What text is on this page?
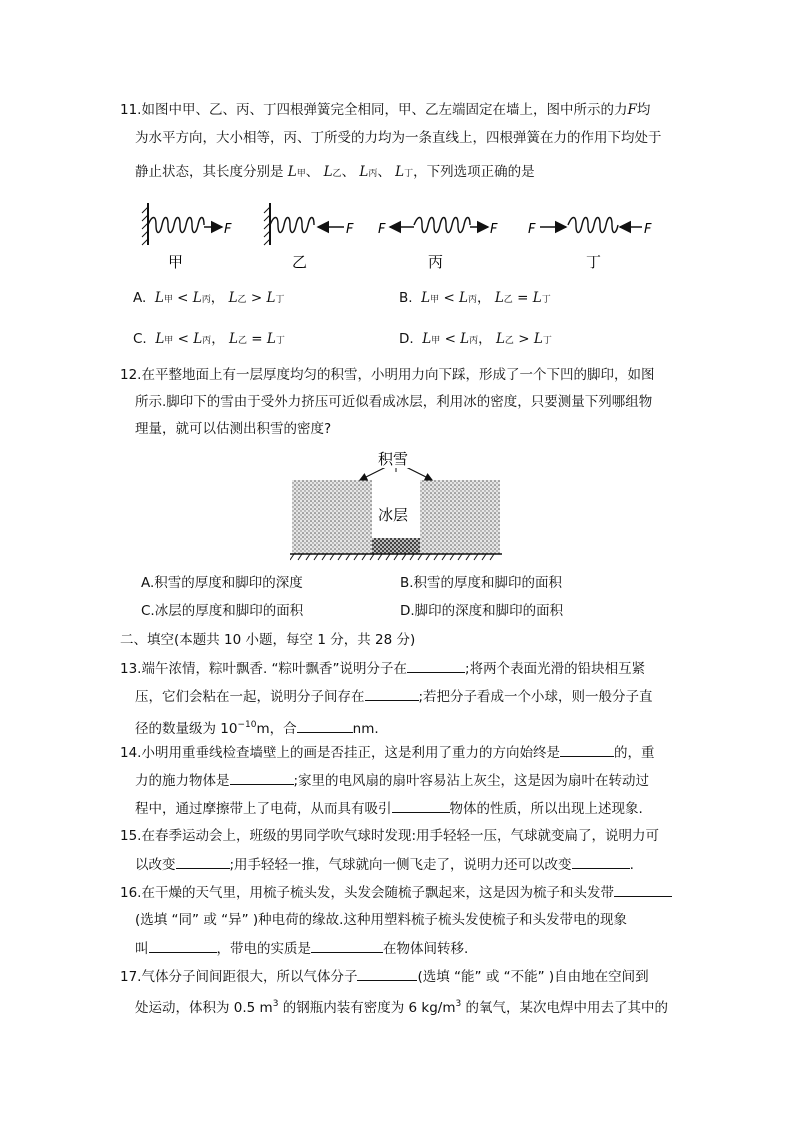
11.如图中甲、乙、丙、丁四根弹簧完全相同，甲、乙左端固定在墙上，图中所示的力F均
为水平方向，大小相等，丙、丁所受的力均为一条直线上，四根弹簧在力的作用下均处于
静止状态，其长度分别是 L甲、 L乙、 L丙、 L丁，下列选项正确的是
F
甲
F
乙
F	F
丙
F	F
丁
A. L甲 < L丙， L乙 > L丁	B. L甲 < L丙， L乙 = L丁
C. L甲 < L丙， L乙 = L丁	D. L甲 < L丙， L乙 > L丁
12.在平整地面上有一层厚度均匀的积雪，小明用力向下踩，形成了一个下凹的脚印，如图
所示.脚印下的雪由于受外力挤压可近似看成冰层，利用冰的密度，只要测量下列哪组物
理量，就可以估测出积雪的密度?
积雪
冰层
A.积雪的厚度和脚印的深度	B.积雪的厚度和脚印的面积
C.冰层的厚度和脚印的面积	D.脚印的深度和脚印的面积
二、填空(本题共 10 小题，每空 1 分，共 28 分)
13.端午浓情，粽叶飘香. “粽叶飘香”说明分子在	;将两个表面光滑的铅块相互紧
压，它们会粘在一起，说明分子间存在	;若把分子看成一个小球，则一般分子直
径的数量级为 $10^{-10}m$，合	nm.
14.小明用重垂线检查墙壁上的画是否挂正，这是利用了重力的方向始终是	的，重
力的施力物体是	;家里的电风扇的扇叶容易沾上灰尘，这是因为扇叶在转动过
程中，通过摩擦带上了电荷，从而具有吸引	物体的性质，所以出现上述现象.
15.在春季运动会上，班级的男同学吹气球时发现:用手轻轻一压，气球就变扁了，说明力可
以改变	;用手轻轻一推，气球就向一侧飞走了，说明力还可以改变	.
16.在干燥的天气里，用梳子梳头发，头发会随梳子飘起来，这是因为梳子和头发带
(选填 “同” 或 “异” )种电荷的缘故.这种用塑料梳子梳头发使梳子和头发带电的现象
叫	，带电的实质是	在物体间转移.
17.气体分子间间距很大，所以气体分子	(选填 “能” 或 “不能” )自由地在空间到
处运动，体积为 0.5 $m^3$ 的钢瓶内装有密度为 6 $kg/m^3$ 的氧气，某次电焊中用去了其中的
